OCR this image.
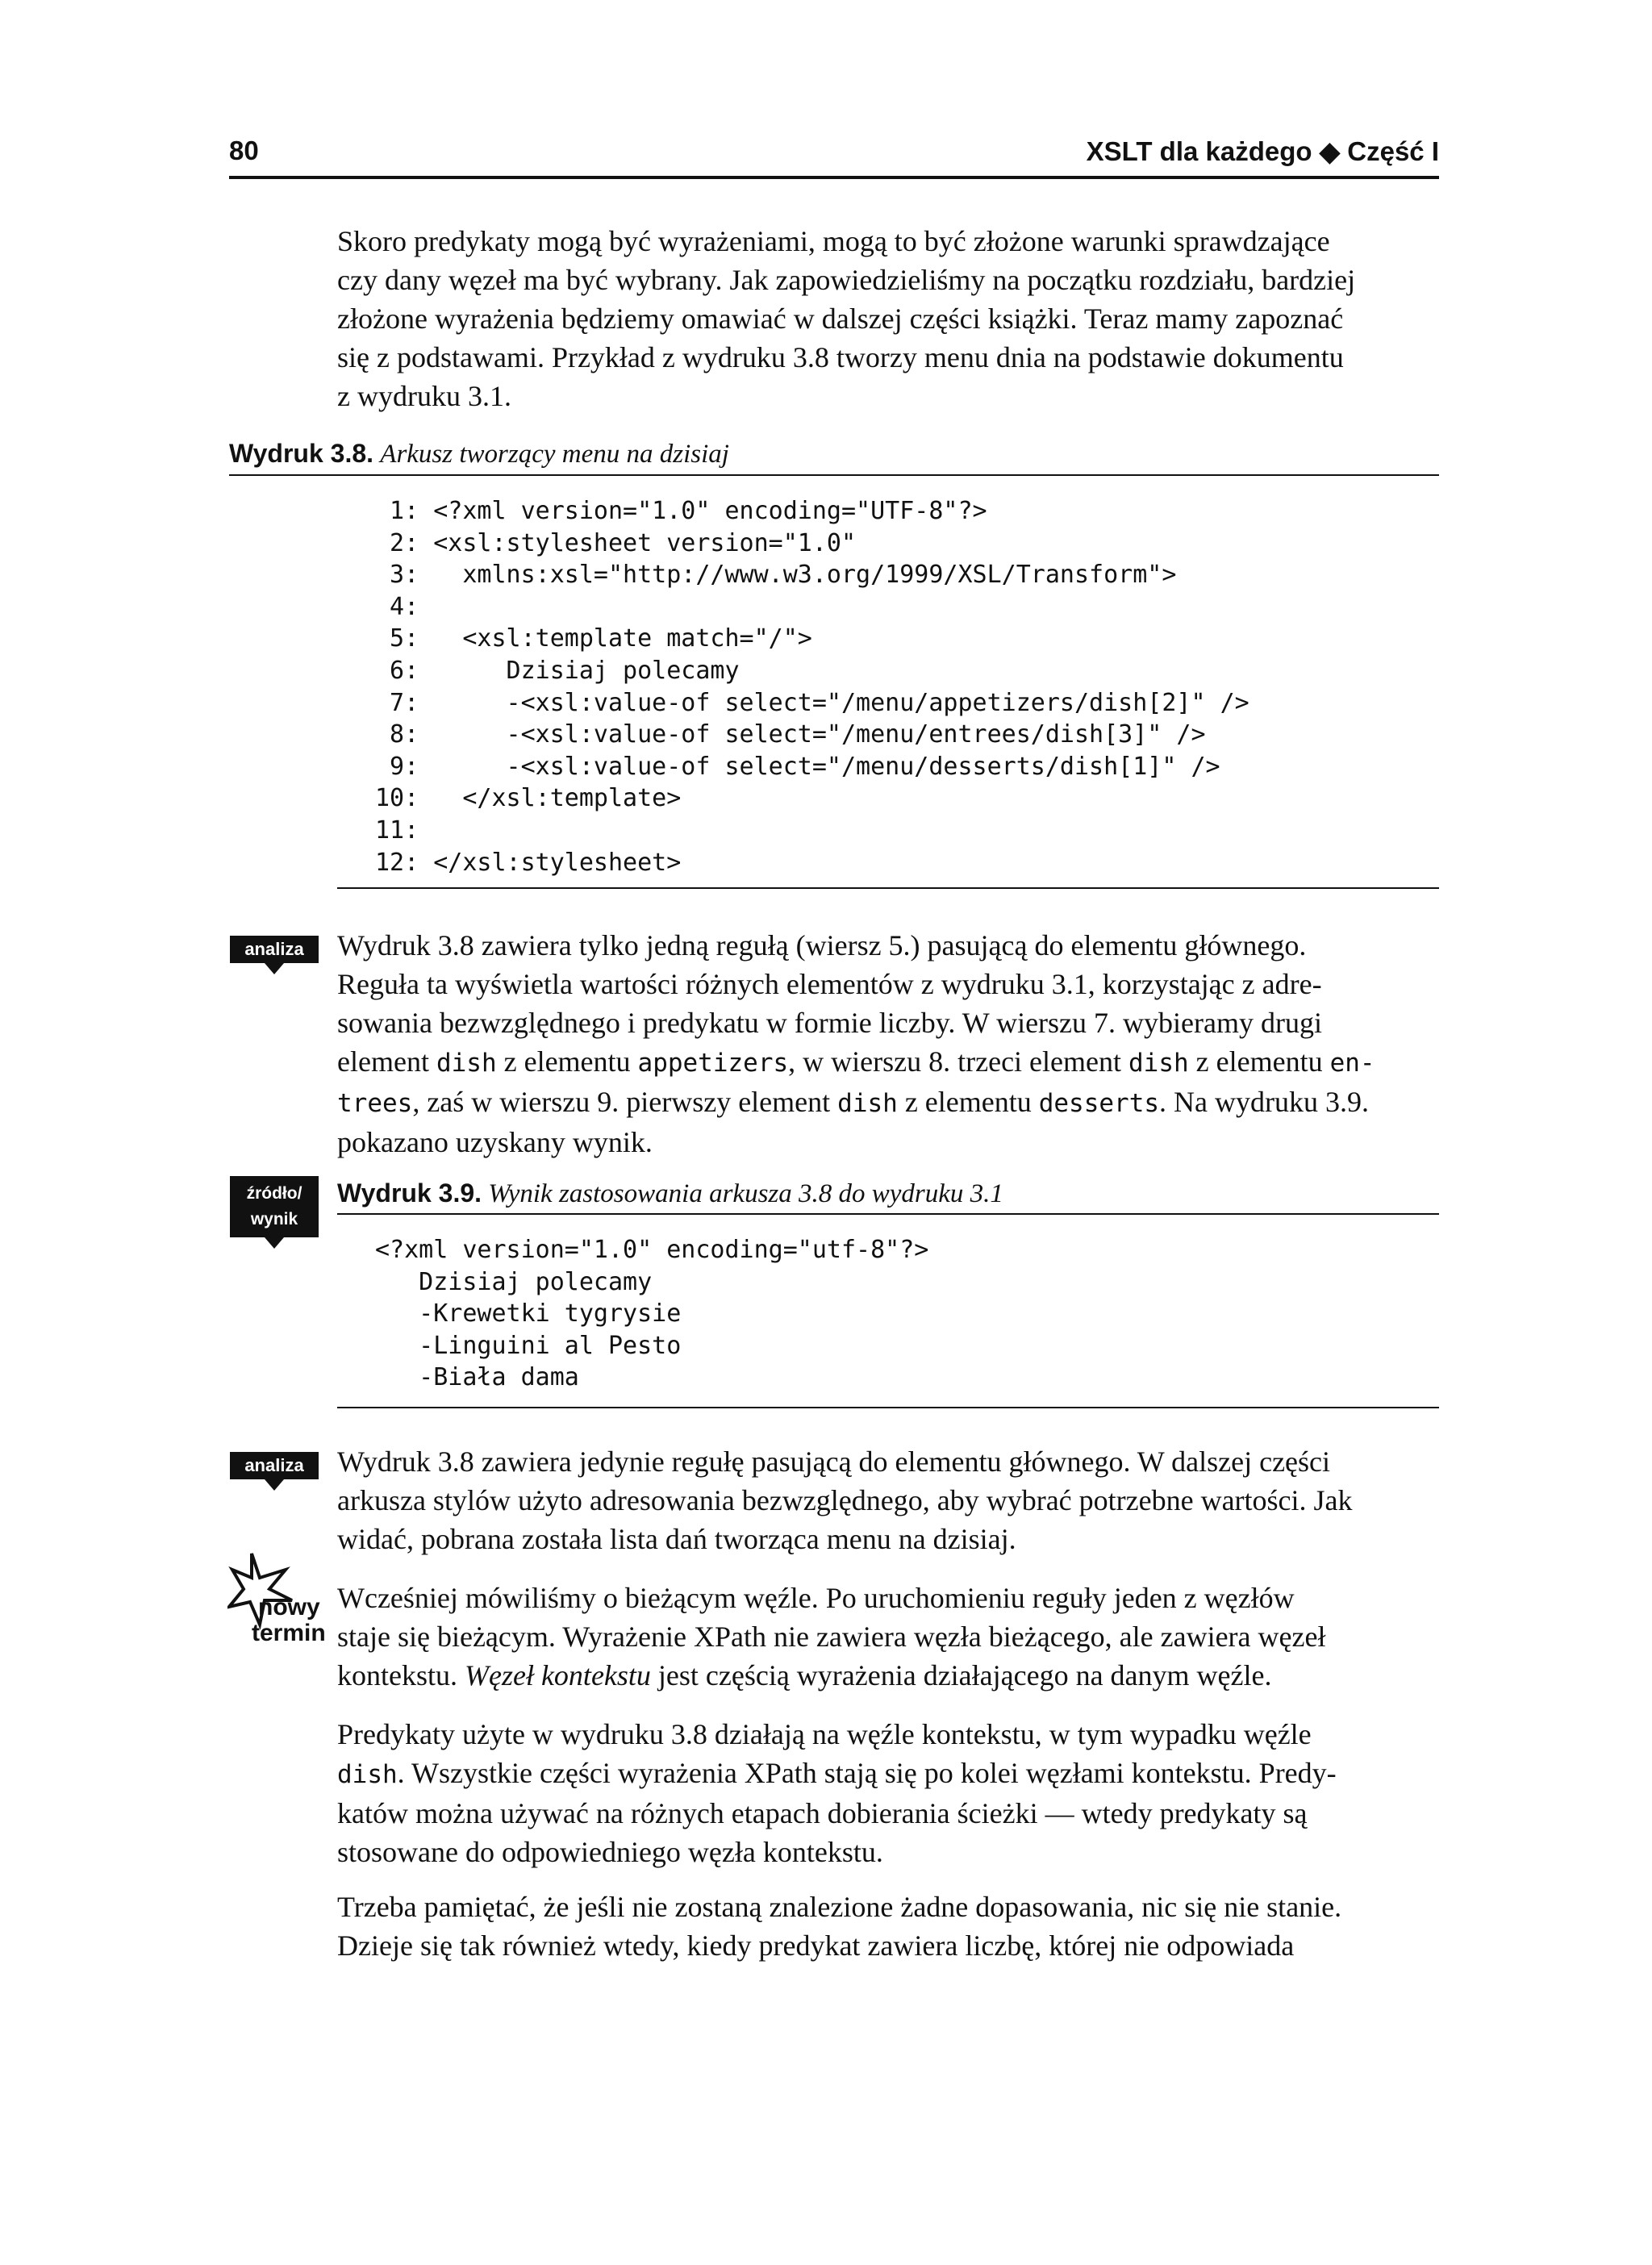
80	XSLT dla każdego ◆ Część I
Skoro predykaty mogą być wyrażeniami, mogą to być złożone warunki sprawdzające
czy dany węzeł ma być wybrany. Jak zapowiedzieliśmy na początku rozdziału, bardziej
złożone wyrażenia będziemy omawiać w dalszej części książki. Teraz mamy zapoznać
się z podstawami. Przykład z wydruku 3.8 tworzy menu dnia na podstawie dokumentu
z wydruku 3.1.
Wydruk 3.8. Arkusz tworzący menu na dzisiaj
1: <?xml version="1.0" encoding="UTF-8"?>
2: <xsl:stylesheet version="1.0"
3:   xmlns:xsl="http://www.w3.org/1999/XSL/Transform">
4:
5:   <xsl:template match="/">
6:      Dzisiaj polecamy
7:      -<xsl:value-of select="/menu/appetizers/dish[2]" />
8:      -<xsl:value-of select="/menu/entrees/dish[3]" />
9:      -<xsl:value-of select="/menu/desserts/dish[1]" />
10:   </xsl:template>
11:
12: </xsl:stylesheet>
analiza	Wydruk 3.8 zawiera tylko jedną regułą (wiersz 5.) pasującą do elementu głównego.
Reguła ta wyświetla wartości różnych elementów z wydruku 3.1, korzystając z adre-
sowania bezwzględnego i predykatu w formie liczby. W wierszu 7. wybieramy drugi
element dish z elementu appetizers, w wierszu 8. trzeci element dish z elementu en-
trees, zaś w wierszu 9. pierwszy element dish z elementu desserts. Na wydruku 3.9.
pokazano uzyskany wynik.
źródło/
wynik
Wydruk 3.9. Wynik zastosowania arkusza 3.8 do wydruku 3.1
<?xml version="1.0" encoding="utf-8"?>
Dzisiaj polecamy
-Krewetki tygrysie
-Linguini al Pesto
-Biała dama
analiza	Wydruk 3.8 zawiera jedynie regułę pasującą do elementu głównego. W dalszej części
arkusza stylów użyto adresowania bezwzględnego, aby wybrać potrzebne wartości. Jak
widać, pobrana została lista dań tworząca menu na dzisiaj.
nowy
termin
Wcześniej mówiliśmy o bieżącym węźle. Po uruchomieniu reguły jeden z węzłów
staje się bieżącym. Wyrażenie XPath nie zawiera węzła bieżącego, ale zawiera węzeł
kontekstu. Węzeł kontekstu jest częścią wyrażenia działającego na danym węźle.
Predykaty użyte w wydruku 3.8 działają na węźle kontekstu, w tym wypadku węźle
dish. Wszystkie części wyrażenia XPath stają się po kolei węzłami kontekstu. Predy-
katów można używać na różnych etapach dobierania ścieżki — wtedy predykaty są
stosowane do odpowiedniego węzła kontekstu.
Trzeba pamiętać, że jeśli nie zostaną znalezione żadne dopasowania, nic się nie stanie.
Dzieje się tak również wtedy, kiedy predykat zawiera liczbę, której nie odpowiada
